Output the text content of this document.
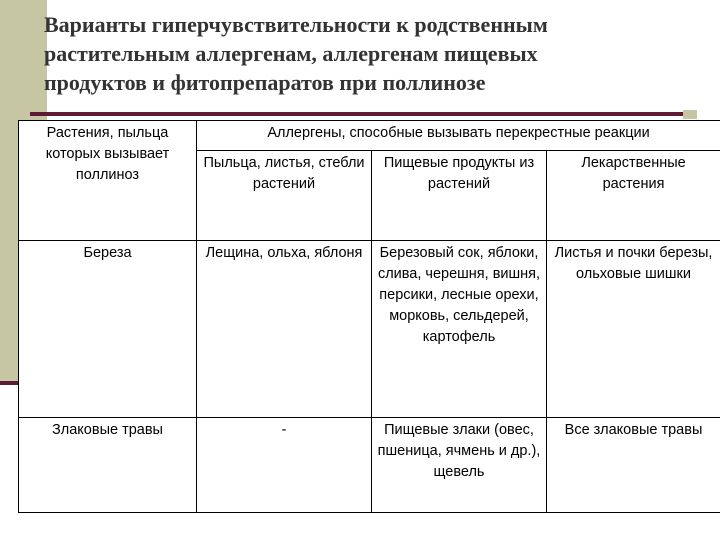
Варианты гиперчувствительности к родственным
растительным аллергенам, аллергенам пищевых
продуктов и фитопрепаратов при поллинозе
Растения, пыльца которых вызывает поллиноз	Аллергены, способные вызывать перекрестные реакции		
	Пыльца, листья, стебли растений	Пищевые продукты из растений	Лекарственные растения
Береза	Лещина, ольха, яблоня	Березовый сок, яблоки, слива, черешня, вишня, персики, лесные орехи, морковь, сельдерей, картофель	Листья и почки березы, ольховые шишки
Злаковые травы	-	Пищевые злаки (овес, пшеница, ячмень и др.), щевель	Все злаковые травы
